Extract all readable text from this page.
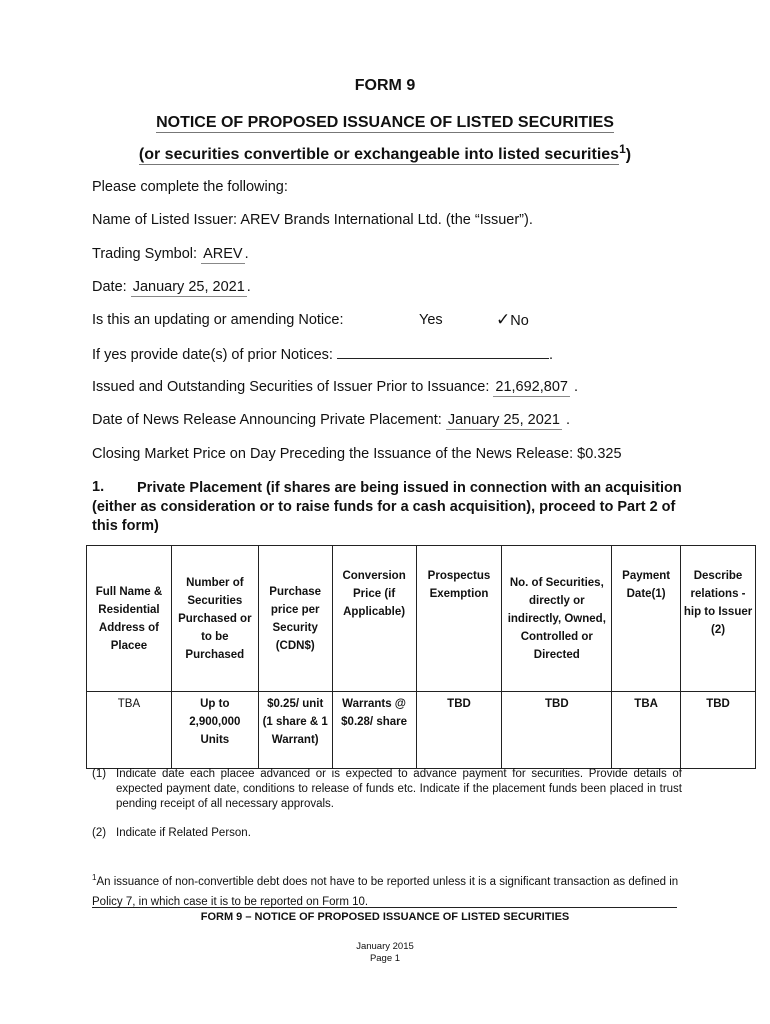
FORM 9
NOTICE OF PROPOSED ISSUANCE OF LISTED SECURITIES
(or securities convertible or exchangeable into listed securities$^1$)
Please complete the following:
Name of Listed Issuer: AREV Brands International Ltd. (the “Issuer”).
Trading Symbol: AREV .
Date: January 25, 2021 .
Is this an updating or amending Notice:	Yes	✓No
If yes provide date(s) of prior Notices:	.
Issued and Outstanding Securities of Issuer Prior to Issuance: 21,692,807 .
Date of News Release Announcing Private Placement: January 25, 2021 .
Closing Market Price on Day Preceding the Issuance of the News Release: $0.325
1.	Private Placement (if shares are being issued in connection with an acquisition (either as consideration or to raise funds for a cash acquisition), proceed to Part 2 of this form)
Full Name & Residential Address of Placee	Number of Securities Purchased or to be Purchased	Purchase price per Security (CDN$)	Conversion Price (if Applicable)	Prospectus Exemption	No. of Securities, directly or indirectly, Owned, Controlled or Directed	Payment Date(1)	Describe relations -hip to Issuer (2)
TBA	Up to 2,900,000 Units	$0.25/ unit (1 share & 1 Warrant)	Warrants @ $0.28/ share	TBD	TBD	TBA	TBD
(1) Indicate date each placee advanced or is expected to advance payment for securities. Provide details of expected payment date, conditions to release of funds etc. Indicate if the placement funds been placed in trust pending receipt of all necessary approvals.
(2) Indicate if Related Person.
$^1$An issuance of non-convertible debt does not have to be reported unless it is a significant transaction as defined in Policy 7, in which case it is to be reported on Form 10.
FORM 9 – NOTICE OF PROPOSED ISSUANCE OF LISTED SECURITIES
January 2015
Page 1
